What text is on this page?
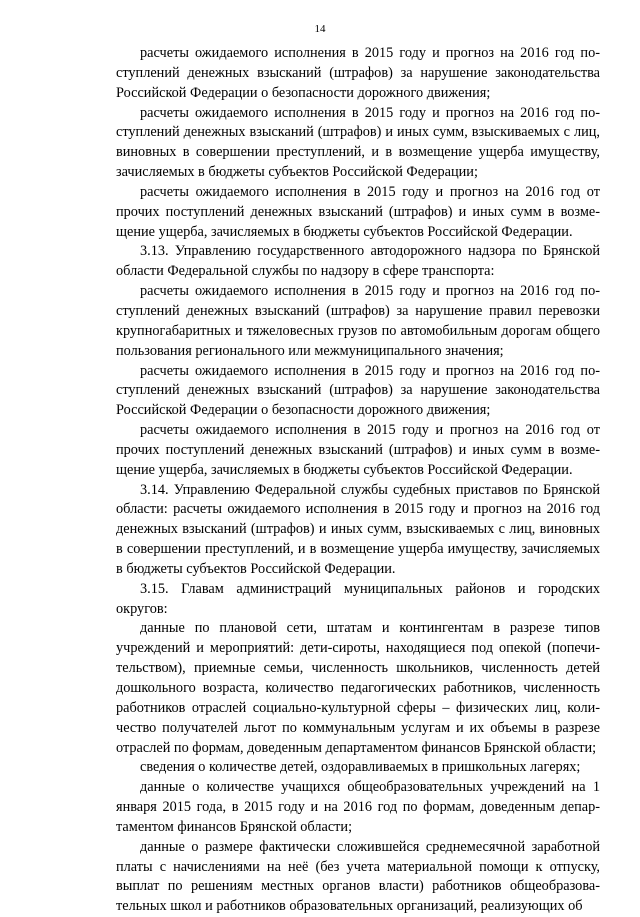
14

расчеты ожидаемого исполнения в 2015 году и прогноз на 2016 год поступлений денежных взысканий (штрафов) за нарушение законодательства Российской Федерации о безопасности дорожного движения;

расчеты ожидаемого исполнения в 2015 году и прогноз на 2016 год поступлений денежных взысканий (штрафов) и иных сумм, взыскиваемых с лиц, виновных в совершении преступлений, и в возмещение ущерба имуществу, зачисляемых в бюджеты субъектов Российской Федерации;

расчеты ожидаемого исполнения в 2015 году и прогноз на 2016 год от прочих поступлений денежных взысканий (штрафов) и иных сумм в возмещение ущерба, зачисляемых в бюджеты субъектов Российской Федерации.

3.13. Управлению государственного автодорожного надзора по Брянской области Федеральной службы по надзору в сфере транспорта:

расчеты ожидаемого исполнения в 2015 году и прогноз на 2016 год поступлений денежных взысканий (штрафов) за нарушение правил перевозки крупногабаритных и тяжеловесных грузов по автомобильным дорогам общего пользования регионального или межмуниципального значения;

расчеты ожидаемого исполнения в 2015 году и прогноз на 2016 год поступлений денежных взысканий (штрафов) за нарушение законодательства Российской Федерации о безопасности дорожного движения;

расчеты ожидаемого исполнения в 2015 году и прогноз на 2016 год от прочих поступлений денежных взысканий (штрафов) и иных сумм в возмещение ущерба, зачисляемых в бюджеты субъектов Российской Федерации.

3.14. Управлению Федеральной службы судебных приставов по Брянской области: расчеты ожидаемого исполнения в 2015 году и прогноз на 2016 год денежных взысканий (штрафов) и иных сумм, взыскиваемых с лиц, виновных в совершении преступлений, и в возмещение ущерба имуществу, зачисляемых в бюджеты субъектов Российской Федерации.

3.15. Главам администраций муниципальных районов и городских округов:

данные по плановой сети, штатам и контингентам в разрезе типов учреждений и мероприятий: дети-сироты, находящиеся под опекой (попечительством), приемные семьи, численность школьников, численность детей дошкольного возраста, количество педагогических работников, численность работников отраслей социально-культурной сферы – физических лиц, количество получателей льгот по коммунальным услугам и их объемы в разрезе отраслей по формам, доведенным департаментом финансов Брянской области;

сведения о количестве детей, оздоравливаемых в пришкольных лагерях;

данные о количестве учащихся общеобразовательных учреждений на 1 января 2015 года, в 2015 году и на 2016 год по формам, доведенным департаментом финансов Брянской области;

данные о размере фактически сложившейся среднемесячной заработной платы с начислениями на неё (без учета материальной помощи к отпуску, выплат по решениям местных органов власти) работников общеобразовательных школ и работников образовательных организаций, реализующих об
